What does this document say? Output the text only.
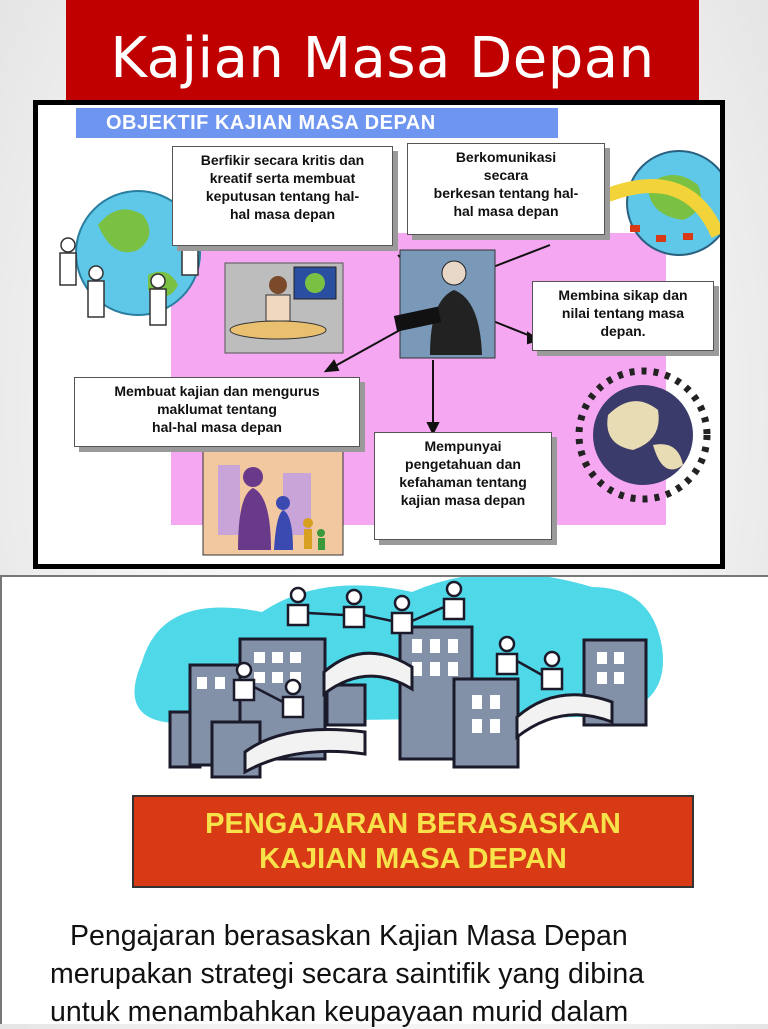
Kajian Masa Depan
OBJEKTIF KAJIAN MASA DEPAN
Berfikir secara kritis dan
kreatif serta membuat
keputusan tentang hal-
hal masa depan
Berkomunikasi
secara
berkesan tentang hal-
hal masa depan
Membina sikap dan
nilai tentang masa
depan.
Membuat kajian dan mengurus
maklumat tentang
hal-hal masa depan
Mempunyai
pengetahuan dan
kefahaman tentang
kajian masa depan
PENGAJARAN BERASASKAN
KAJIAN MASA DEPAN
Pengajaran berasaskan Kajian Masa Depan
merupakan strategi secara saintifik yang dibina
untuk menambahkan keupayaan murid dalam
